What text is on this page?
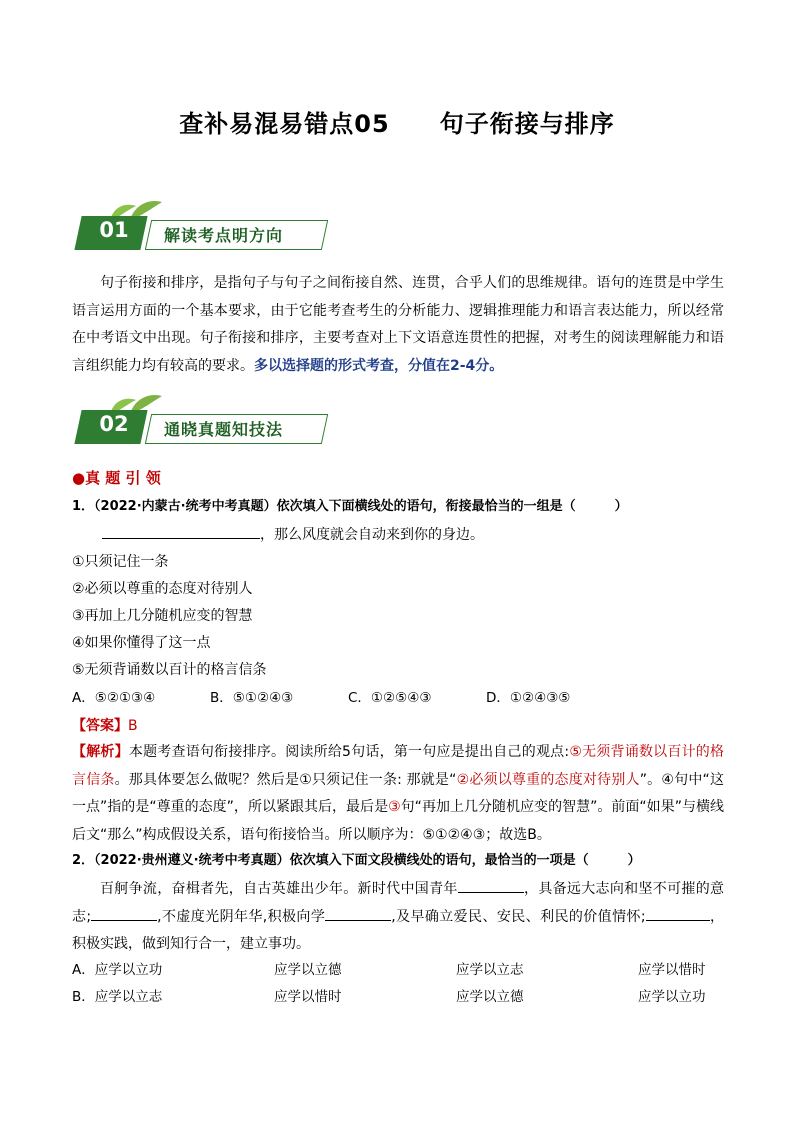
查补易混易错点05　　句子衔接与排序
01	解读考点明方向
句子衔接和排序，是指句子与句子之间衔接自然、连贯，合乎人们的思维规律。语句的连贯是中学生语言运用方面的一个基本要求，由于它能考查考生的分析能力、逻辑推理能力和语言表达能力，所以经常在中考语文中出现。句子衔接和排序，主要考查对上下文语意连贯性的把握，对考生的阅读理解能力和语言组织能力均有较高的要求。多以选择题的形式考查，分值在2-4分。
02	通晓真题知技法
●真 题 引 领
1．（2022·内蒙古·统考中考真题）依次填入下面横线处的语句，衔接最恰当的一组是（　　　）
，那么风度就会自动来到你的身边。
①只须记住一条
②必须以尊重的态度对待别人
③再加上几分随机应变的智慧
④如果你懂得了这一点
⑤无须背诵数以百计的格言信条
A．⑤②①③④	B．⑤①②④③	C．①②⑤④③	D．①②④③⑤
【答案】B
【解析】本题考查语句衔接排序。阅读所给5句话，第一句应是提出自己的观点:⑤无须背诵数以百计的格言信条。那具体要怎么做呢？然后是①只须记住一条: 那就是“②必须以尊重的态度对待别人”。④句中“这一点”指的是“尊重的态度”，所以紧跟其后，最后是③句“再加上几分随机应变的智慧”。前面“如果”与横线后文“那么”构成假设关系，语句衔接恰当。所以顺序为：⑤①②④③；故选B。
2．（2022·贵州遵义·统考中考真题）依次填入下面文段横线处的语句，最恰当的一项是（　　　）
百舸争流，奋楫者先，自古英雄出少年。新时代中国青年	，具备远大志向和坚不可摧的意志;	,不虚度光阴年华,积极向学	,及早确立爱民、安民、利民的价值情怀;	，积极实践，做到知行合一，建立事功。
A．应学以立功	应学以立德	应学以立志	应学以惜时
B．应学以立志	应学以惜时	应学以立德	应学以立功
